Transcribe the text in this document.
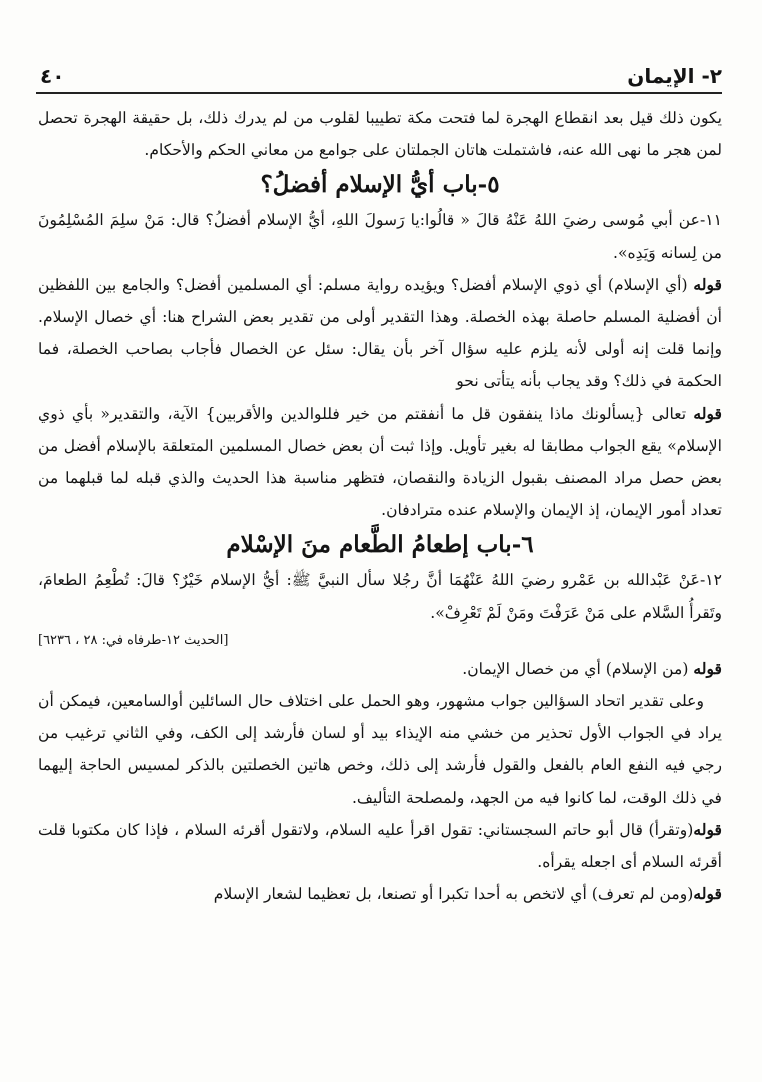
٢- الإيمان
٤٠

يكون ذلك قيل بعد انقطاع الهجرة لما فتحت مكة تطييبا لقلوب من لم يدرك ذلك، بل حقيقة الهجرة تحصل لمن هجر ما نهى الله عنه، فاشتملت هاتان الجملتان على جوامع من معاني الحكم والأحكام.

٥-باب أيُّ الإسلام أفضلُ؟

١١-عن أبي مُوسى رضيَ اللهُ عَنْهُ قالَ « قالُوا:يا رَسولَ اللهِ، أيُّ الإسلام أفضلُ؟ قال: مَنْ سلِمَ المُسْلِمُونَ من لِسانه وَيَدِه».

قوله (أي الإسلام) أي ذوي الإسلام أفضل؟ ويؤيده رواية مسلم: أي المسلمين أفضل؟ والجامع بين اللفظين أن أفضلية المسلم حاصلة بهذه الخصلة. وهذا التقدير أولى من تقدير بعض الشراح هنا: أي خصال الإسلام. وإنما قلت إنه أولى لأنه يلزم عليه سؤال آخر بأن يقال: سئل عن الخصال فأجاب بصاحب الخصلة، فما الحكمة في ذلك؟ وقد يجاب بأنه يتأتى نحو

قوله تعالى {يسألونك ماذا ينفقون قل ما أنفقتم من خير فللوالدين والأقربين} الآية، والتقدير« بأي ذوي الإسلام» يقع الجواب مطابقا له بغير تأويل. وإذا ثبت أن بعض خصال المسلمين المتعلقة بالإسلام أفضل من بعض حصل مراد المصنف بقبول الزيادة والنقصان، فتظهر مناسبة هذا الحديث والذي قبله لما قبلهما من تعداد أمور الإيمان، إذ الإيمان والإسلام عنده مترادفان.

٦-باب إطعامُ الطَّعام منَ الإسْلام

١٢-عَنْ عَبْدالله بن عَمْرو رضيَ اللهُ عَنْهُمَا أنَّ رجُلا سأل النبيَّ ﷺ: أيُّ الإسلام خَيْرٌ؟ قالَ: تُطْعِمُ الطعامَ، وتَقرأُ السَّلام على مَنْ عَرَفْتَ ومَنْ لَمْ تَعْرِفْ».

[الحديث ١٢-طرفاه في: ٢٨ ، ٦٢٣٦]

قوله (من الإسلام) أي من خصال الإيمان.

وعلى تقدير اتحاد السؤالين جواب مشهور، وهو الحمل على اختلاف حال السائلين أوالسامعين، فيمكن أن يراد في الجواب الأول تحذير من خشي منه الإيذاء بيد أو لسان فأرشد إلى الكف، وفي الثاني ترغيب من رجي فيه النفع العام بالفعل والقول فأرشد إلى ذلك، وخص هاتين الخصلتين بالذكر لمسيس الحاجة إليهما في ذلك الوقت، لما كانوا فيه من الجهد، ولمصلحة التأليف.

قوله(وتقرأ) قال أبو حاتم السجستاني: تقول اقرأ عليه السلام، ولاتقول أقرئه السلام ، فإذا كان مكتوبا قلت أقرئه السلام أى اجعله يقرأه.

قوله(ومن لم تعرف) أي لاتخص به أحدا تكبرا أو تصنعا، بل تعظيما لشعار الإسلام
